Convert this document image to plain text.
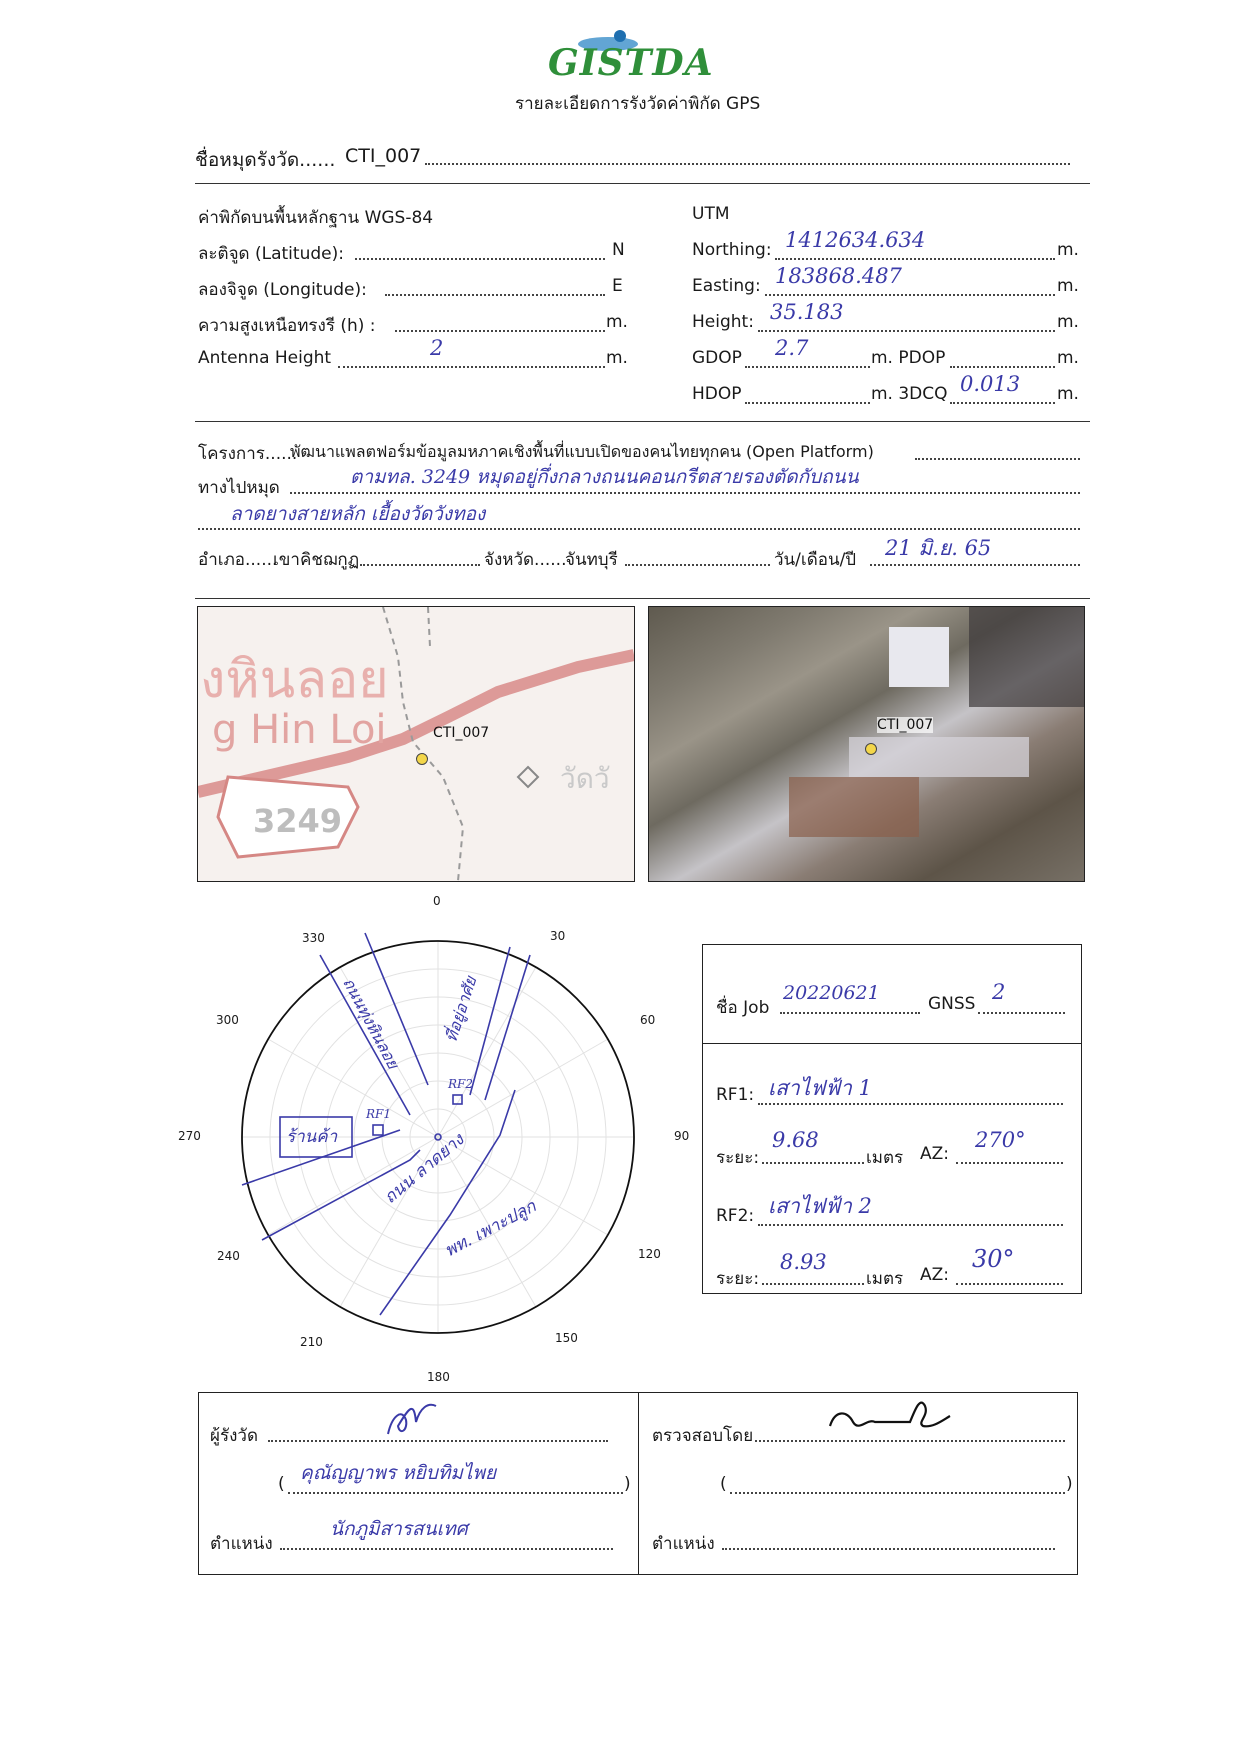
GISTDA
รายละเอียดการรังวัดค่าพิกัด GPS
ชื่อหมุดรังวัด...... CTI_007
ค่าพิกัดบนพื้นหลักฐาน WGS-84
ละติจูด (Latitude):	N
ลองจิจูด (Longitude):	E
ความสูงเหนือทรงรี (h) :	m.
Antenna Height	2	m.
UTM
Northing: 1412634.634	m.
Easting: 183868.487	m.
Height: 35.183	m.
GDOP 2.7	m. PDOP	m.
HDOP	m. 3DCQ 0.013 m.
โครงการ......
พัฒนาแพลตฟอร์มข้อมูลมหภาคเชิงพื้นที่แบบเปิดของคนไทยทุกคน (Open Platform)
ทางไปหมุด	ตามทล. 3249 หมุดอยู่กึ่งกลางถนนคอนกรีตสายรองตัดกับถนน
ลาดยางสายหลัก เยื้องวัดวังทอง
อำเภอ......
เขาคิชฌกูฏ	จังหวัด......
จันทบุรี	วัน/เดือน/ปี 21 มิ.ย. 65
งหินลอย
g Hin Loi
3249
วัดวั
CTI_007	CTI_007
0
30
60
90
120
150
180
210
240
270
300
330
ร้านค้า
RF1
RF2
ถนนทุ่งหินลอย ที่อยู่อาศัย
ถนน ลาดยาง
พท. เพาะปลูก
ชื่อ Job
20220621	GNSS 2
RF1: เสาไฟฟ้า 1
ระยะ:
9.68
เมตร AZ:
270°
RF2: เสาไฟฟ้า 2
ระยะ:
8.93
เมตร AZ:
30°
ผู้รังวัด
( คุณัญญาพร หยิบทิมไพย	)
ตำแหน่ง
นักภูมิสารสนเทศ
ตรวจสอบโดย
(	)
ตำแหน่ง
